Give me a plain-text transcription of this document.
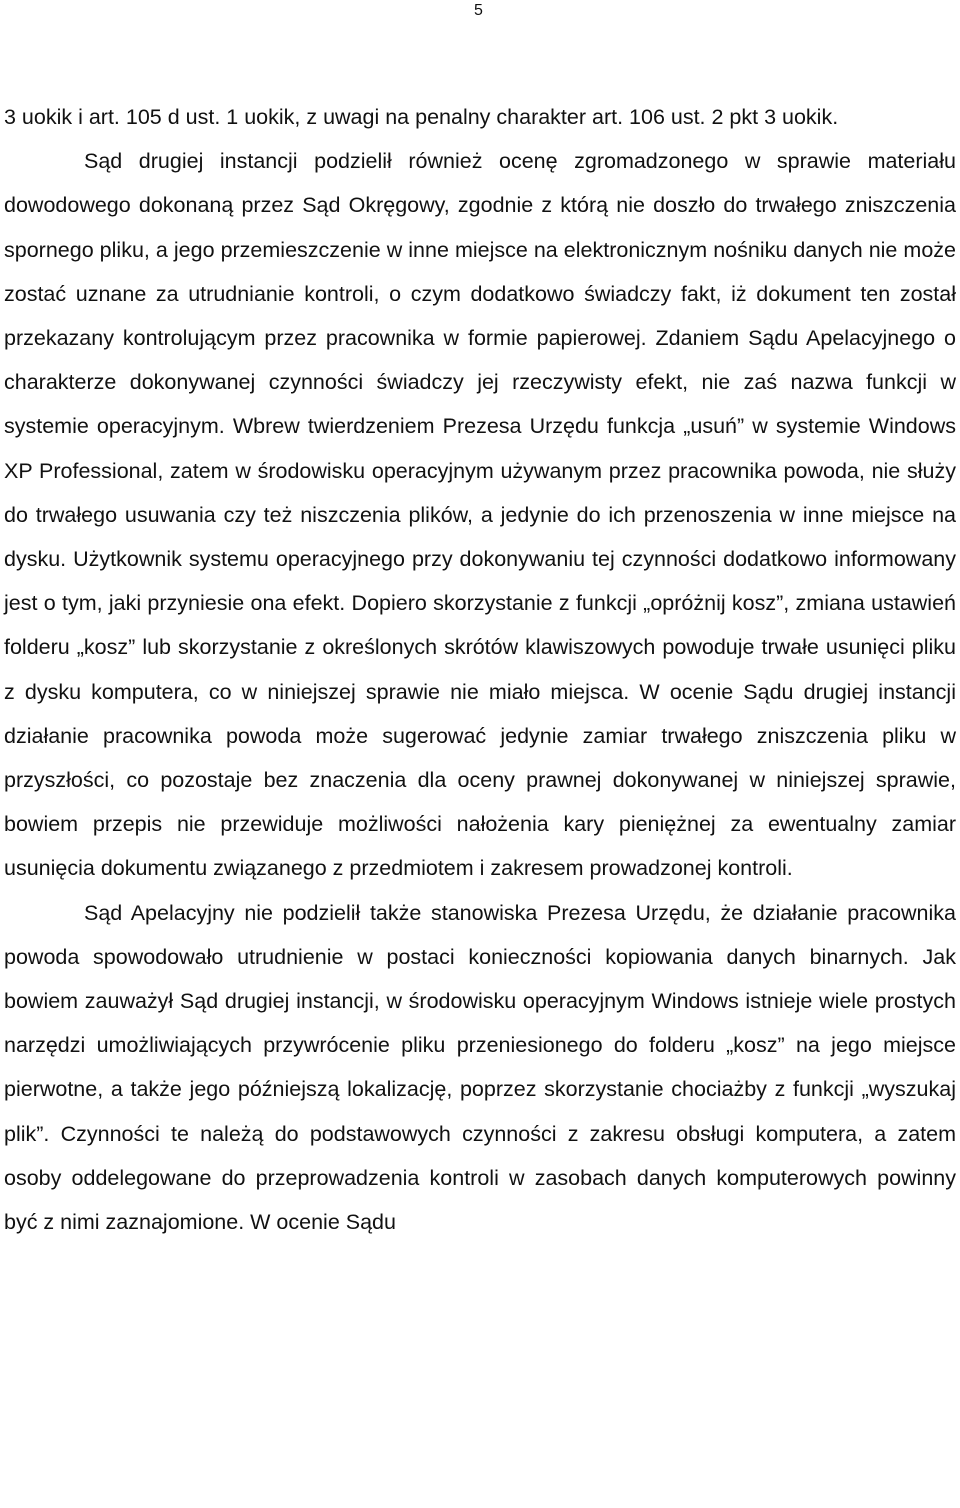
5

3 uokik i art. 105 d ust. 1 uokik, z uwagi na penalny charakter art. 106 ust. 2 pkt 3 uokik.

Sąd drugiej instancji podzielił również ocenę zgromadzonego w sprawie materiału dowodowego dokonaną przez Sąd Okręgowy, zgodnie z którą nie doszło do trwałego zniszczenia spornego pliku, a jego przemieszczenie w inne miejsce na elektronicznym nośniku danych nie może zostać uznane za utrudnianie kontroli, o czym dodatkowo świadczy fakt, iż dokument ten został przekazany kontrolującym przez pracownika w formie papierowej. Zdaniem Sądu Apelacyjnego o charakterze dokonywanej czynności świadczy jej rzeczywisty efekt, nie zaś nazwa funkcji w systemie operacyjnym. Wbrew twierdzeniem Prezesa Urzędu funkcja „usuń” w systemie Windows XP Professional, zatem w środowisku operacyjnym używanym przez pracownika powoda, nie służy do trwałego usuwania czy też niszczenia plików, a jedynie do ich przenoszenia w inne miejsce na dysku. Użytkownik systemu operacyjnego przy dokonywaniu tej czynności dodatkowo informowany jest o tym, jaki przyniesie ona efekt. Dopiero skorzystanie z funkcji „opróżnij kosz”, zmiana ustawień folderu „kosz” lub skorzystanie z określonych skrótów klawiszowych powoduje trwałe usunięci pliku z dysku komputera, co w niniejszej sprawie nie miało miejsca. W ocenie Sądu drugiej instancji działanie pracownika powoda może sugerować jedynie zamiar trwałego zniszczenia pliku w przyszłości, co pozostaje bez znaczenia dla oceny prawnej dokonywanej w niniejszej sprawie, bowiem przepis nie przewiduje możliwości nałożenia kary pieniężnej za ewentualny zamiar usunięcia dokumentu związanego z przedmiotem i zakresem prowadzonej kontroli.

Sąd Apelacyjny nie podzielił także stanowiska Prezesa Urzędu, że działanie pracownika powoda spowodowało utrudnienie w postaci konieczności kopiowania danych binarnych. Jak bowiem zauważył Sąd drugiej instancji, w środowisku operacyjnym Windows istnieje wiele prostych narzędzi umożliwiających przywrócenie pliku przeniesionego do folderu „kosz” na jego miejsce pierwotne, a także jego późniejszą lokalizację, poprzez skorzystanie chociażby z funkcji „wyszukaj plik”. Czynności te należą do podstawowych czynności z zakresu obsługi komputera, a zatem osoby oddelegowane do przeprowadzenia kontroli w zasobach danych komputerowych powinny być z nimi zaznajomione. W ocenie Sądu
